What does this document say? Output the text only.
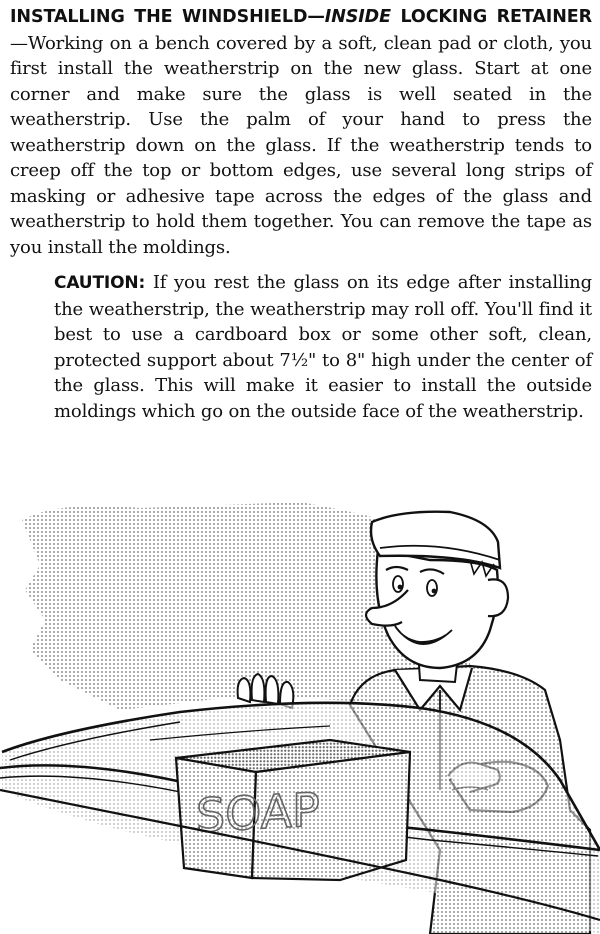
INSTALLING THE WINDSHIELD—INSIDE LOCKING RETAINER—Working on a bench covered by a soft, clean pad or cloth, you first install the weatherstrip on the new glass. Start at one corner and make sure the glass is well seated in the weatherstrip. Use the palm of your hand to press the weatherstrip down on the glass. If the weatherstrip tends to creep off the top or bottom edges, use several long strips of masking or adhesive tape across the edges of the glass and weatherstrip to hold them together. You can remove the tape as you install the moldings.

CAUTION: If you rest the glass on its edge after installing the weatherstrip, the weatherstrip may roll off. You'll find it best to use a cardboard box or some other soft, clean, protected support about 7½" to 8" high under the center of the glass. This will make it easier to install the outside moldings which go on the outside face of the weatherstrip.

SOAP
